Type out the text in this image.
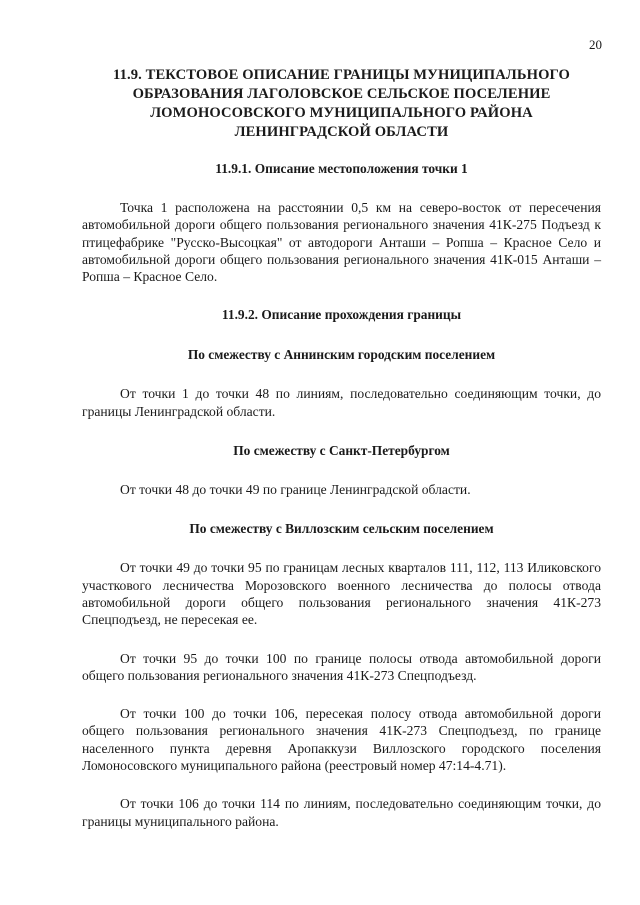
20
11.9. ТЕКСТОВОЕ ОПИСАНИЕ ГРАНИЦЫ МУНИЦИПАЛЬНОГО ОБРАЗОВАНИЯ ЛАГОЛОВСКОЕ СЕЛЬСКОЕ ПОСЕЛЕНИЕ ЛОМОНОСОВСКОГО МУНИЦИПАЛЬНОГО РАЙОНА ЛЕНИНГРАДСКОЙ ОБЛАСТИ
11.9.1. Описание местоположения точки 1

Точка 1 расположена на расстоянии 0,5 км на северо-восток от пересечения автомобильной дороги общего пользования регионального значения 41К-275 Подъезд к птицефабрике "Русско-Высоцкая" от автодороги Анташи – Ропша – Красное Село и автомобильной дороги общего пользования регионального значения 41К-015 Анташи – Ропша – Красное Село.

11.9.2. Описание прохождения границы
По смежеству с Аннинским городским поселением

От точки 1 до точки 48 по линиям, последовательно соединяющим точки, до границы Ленинградской области.

По смежеству с Санкт-Петербургом

От точки 48 до точки 49 по границе Ленинградской области.

По смежеству с Виллозским сельским поселением

От точки 49 до точки 95 по границам лесных кварталов 111, 112, 113 Иликовского участкового лесничества Морозовского военного лесничества до полосы отвода автомобильной дороги общего пользования регионального значения 41К-273 Спецподъезд, не пересекая ее.

От точки 95 до точки 100 по границе полосы отвода автомобильной дороги общего пользования регионального значения 41К-273 Спецподъезд.

От точки 100 до точки 106, пересекая полосу отвода автомобильной дороги общего пользования регионального значения 41К-273 Спецподъезд, по границе населенного пункта деревня Аропаккузи Виллозского городского поселения Ломоносовского муниципального района (реестровый номер 47:14-4.71).

От точки 106 до точки 114 по линиям, последовательно соединяющим точки, до границы муниципального района.
